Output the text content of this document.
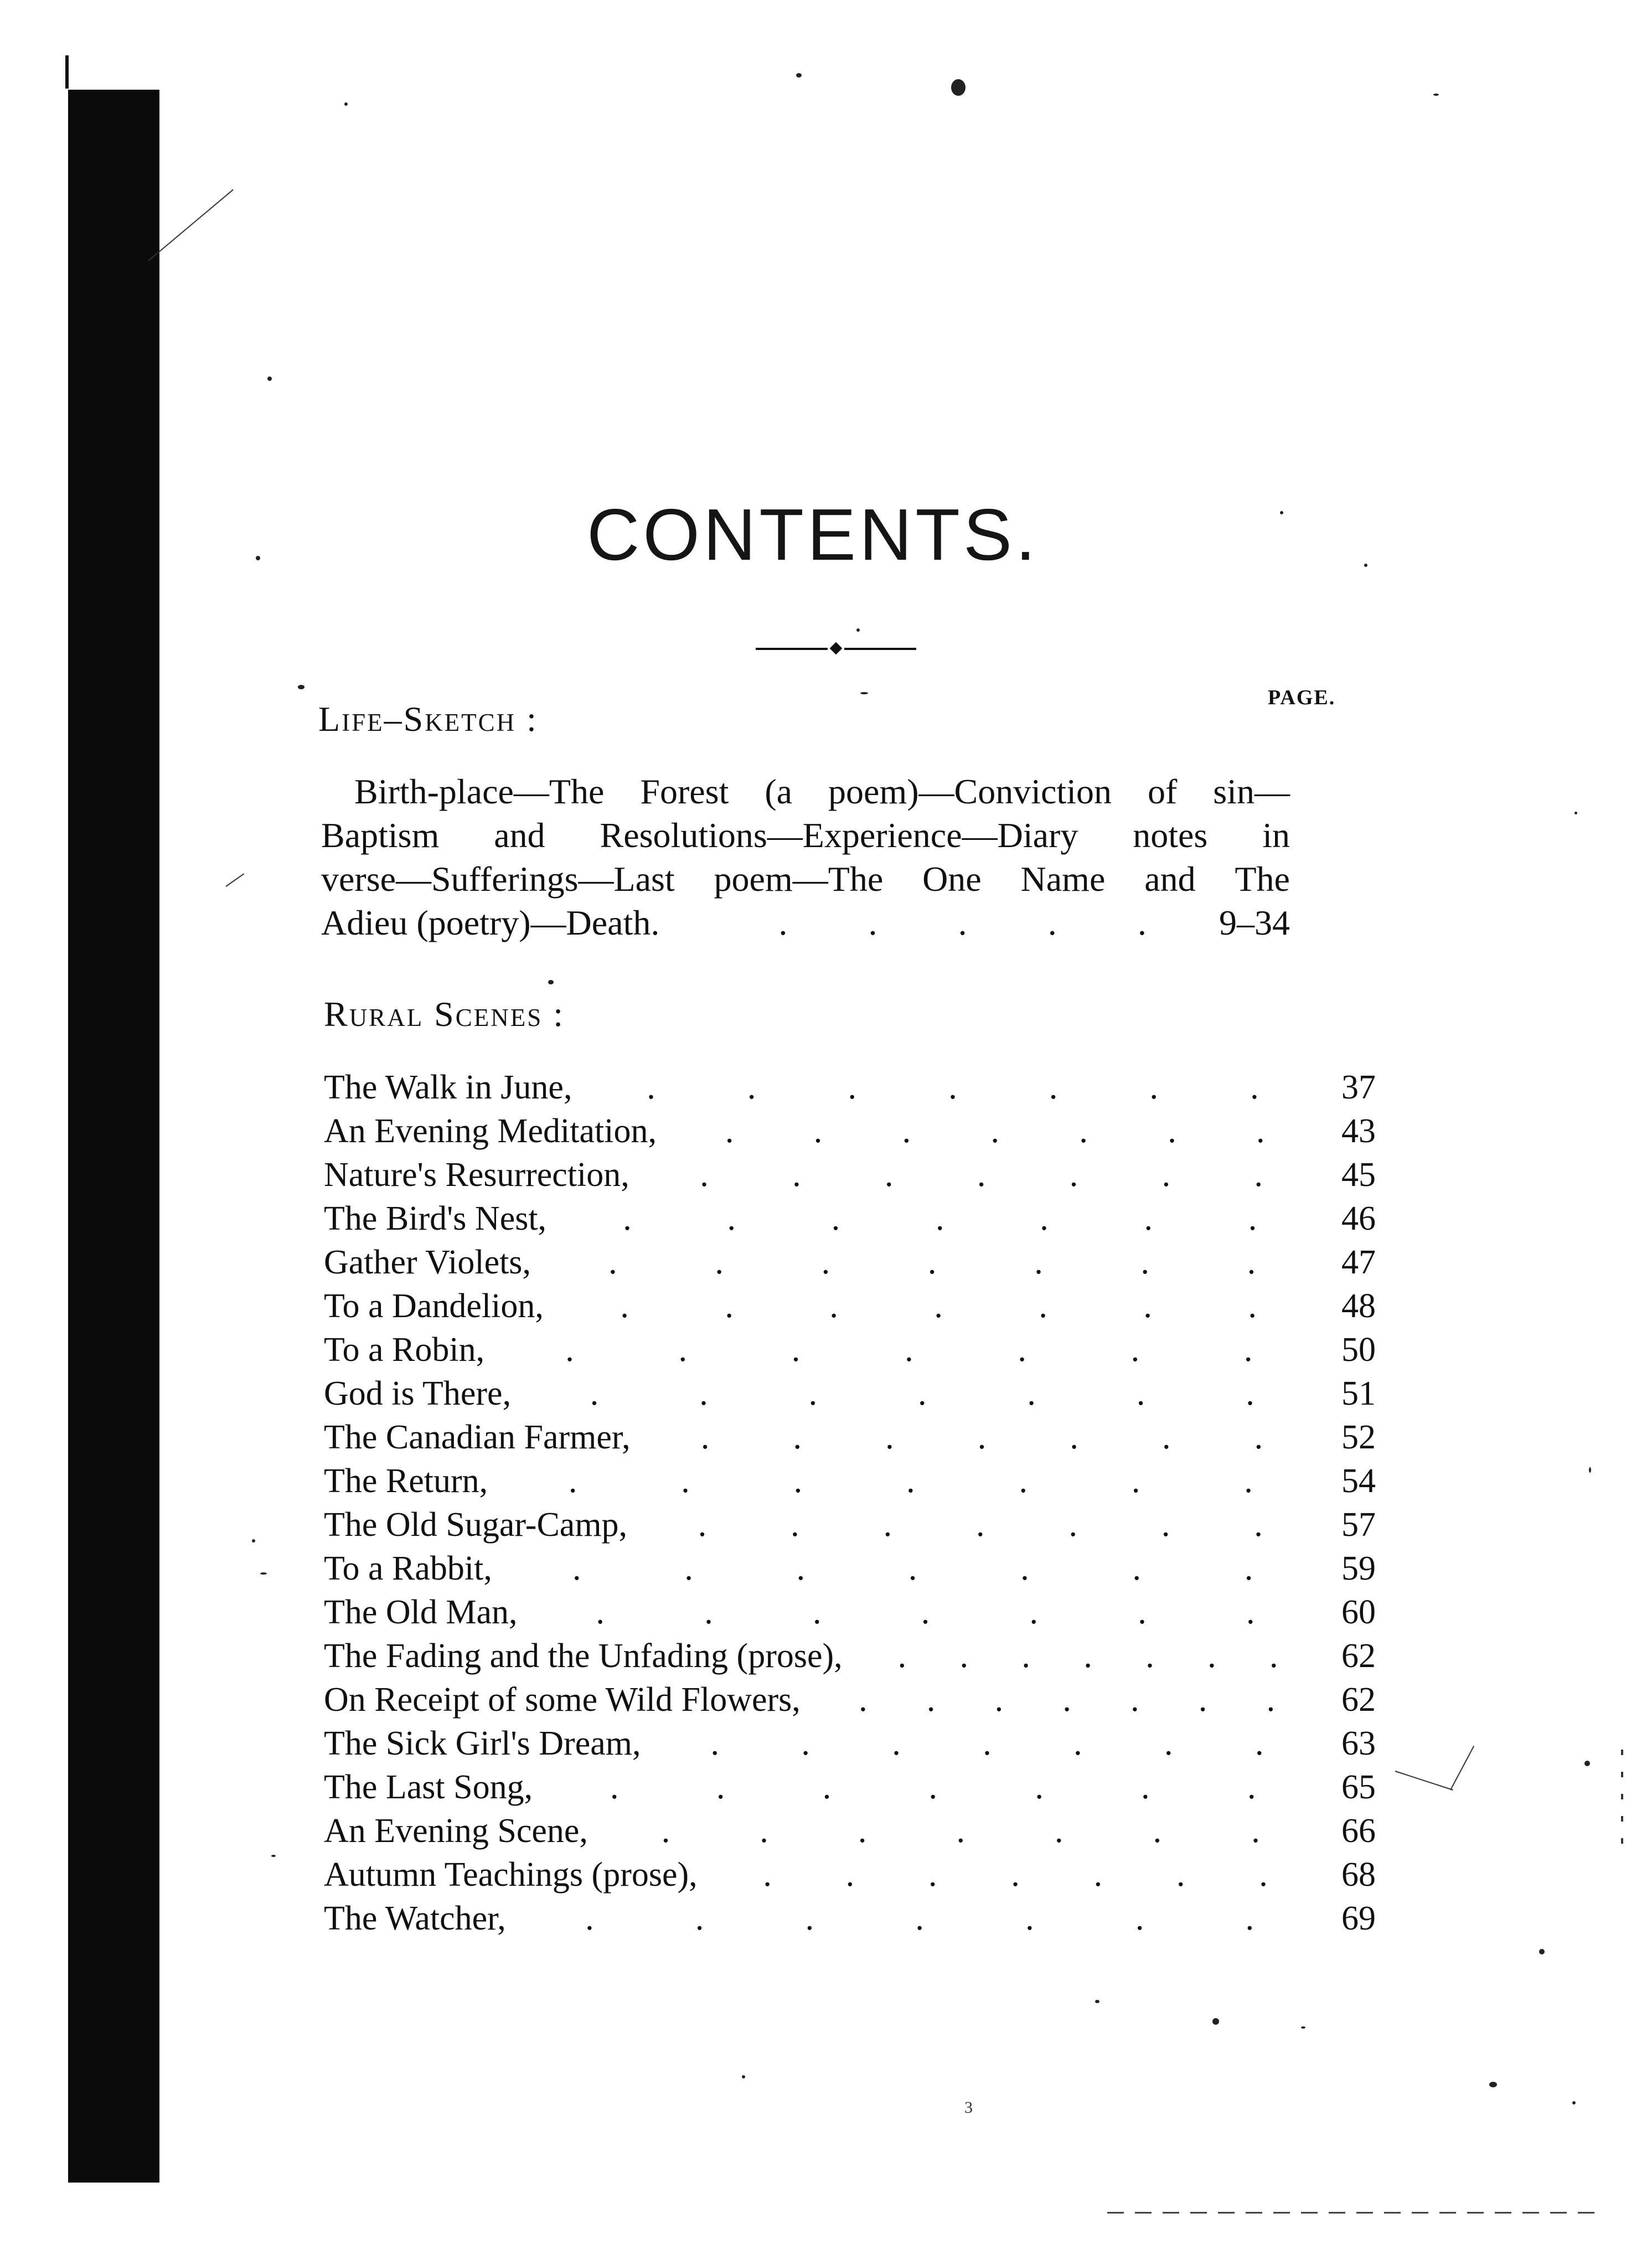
CONTENTS.
PAGE.
Life–Sketch :
Birth-place—The Forest (a poem)—Conviction of sin—
Baptism and Resolutions—Experience—Diary notes in
verse—Sufferings—Last poem—The One Name and The
Adieu (poetry)—Death.	. . . . . 9–34
Rural Scenes :
The Walk in June, .	.	.	.	.	.	.	37
An Evening Meditation, . . . . . . .	43
Nature's Resurrection, . . . . . . .	45
The Bird's Nest, .	.	.	.	.	.	.	46
Gather Violets, .	.	.	.	.	.	.	47
To a Dandelion, .	.	.	.	.	.	.	48
To a Robin, .	.	.	.	.	.	.	50
God is There, .	.	.	.	.	.	.	51
The Canadian Farmer, . . . . . . .	52
The Return, .	.	.	.	.	.	.	54
The Old Sugar-Camp, . . . . . . .	57
To a Rabbit, .	.	.	.	.	.	.	59
The Old Man, .	.	.	.	.	.	.	60
The Fading and the Unfading (prose), . . . . . . .	62
On Receipt of some Wild Flowers, . . . . . . .	62
The Sick Girl's Dream, . . . . . . .	63
The Last Song, .	.	.	.	.	.	.	65
An Evening Scene, .	.	.	.	.	.	.	66
Autumn Teachings (prose), . . . . . . .	68
The Watcher, .	.	.	.	.	.	.	69
3
